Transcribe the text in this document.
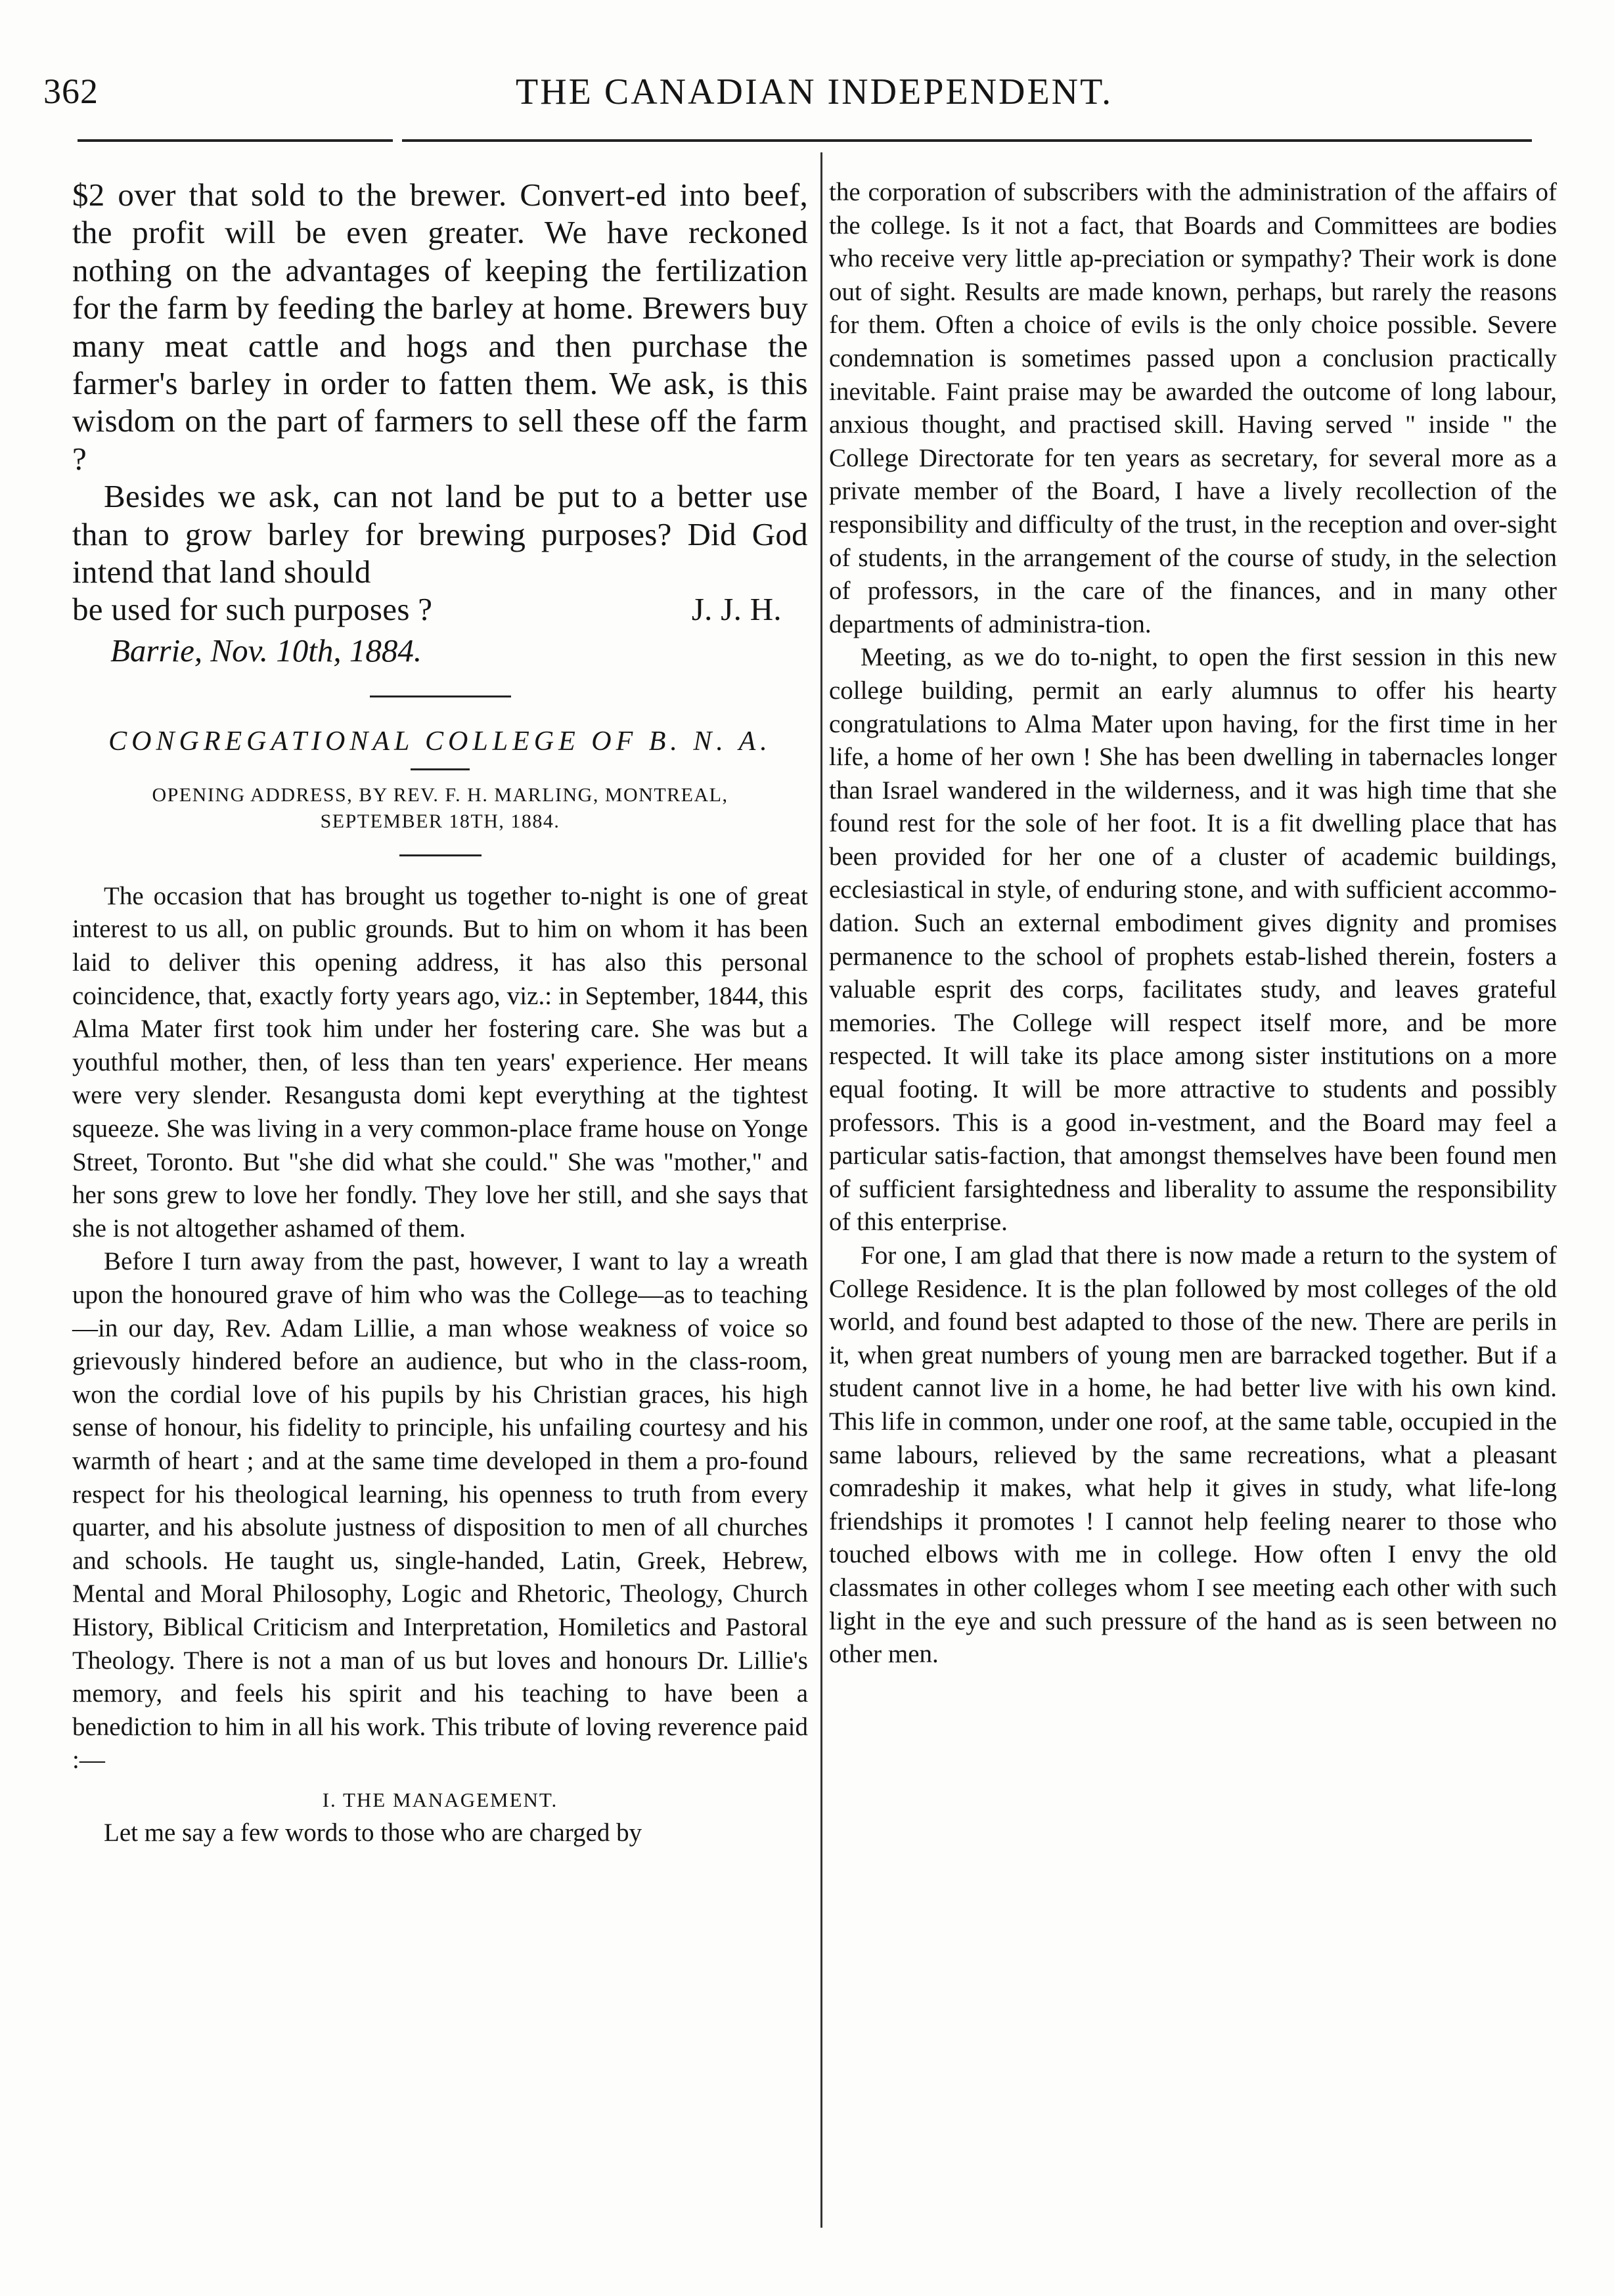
362	THE CANADIAN INDEPENDENT.

$2 over that sold to the brewer. Convert-ed into beef, the profit will be even greater. We have reckoned nothing on the advantages of keeping the fertilization for the farm by feeding the barley at home. Brewers buy many meat cattle and hogs and then purchase the farmer's barley in order to fatten them. We ask, is this wisdom on the part of farmers to sell these off the farm ?

Besides we ask, can not land be put to a better use than to grow barley for brewing purposes? Did God intend that land should

be used for such purposes ?	J. J. H.

Barrie, Nov. 10th, 1884.

CONGREGATIONAL COLLEGE OF B. N. A.

OPENING ADDRESS, BY REV. F. H. MARLING, MONTREAL,

SEPTEMBER 18TH, 1884.

The occasion that has brought us together to-night is one of great interest to us all, on public grounds. But to him on whom it has been laid to deliver this opening address, it has also this personal coincidence, that, exactly forty years ago, viz.: in September, 1844, this Alma Mater first took him under her fostering care. She was but a youthful mother, then, of less than ten years' experience. Her means were very slender. Resangusta domi kept everything at the tightest squeeze. She was living in a very common-place frame house on Yonge Street, Toronto. But "she did what she could." She was "mother," and her sons grew to love her fondly. They love her still, and she says that she is not altogether ashamed of them.

Before I turn away from the past, however, I want to lay a wreath upon the honoured grave of him who was the College—as to teaching—in our day, Rev. Adam Lillie, a man whose weakness of voice so grievously hindered before an audience, but who in the class-room, won the cordial love of his pupils by his Christian graces, his high sense of honour, his fidelity to principle, his unfailing courtesy and his warmth of heart ; and at the same time developed in them a pro-found respect for his theological learning, his openness to truth from every quarter, and his absolute justness of disposition to men of all churches and schools. He taught us, single-handed, Latin, Greek, Hebrew, Mental and Moral Philosophy, Logic and Rhetoric, Theology, Church History, Biblical Criticism and Interpretation, Homiletics and Pastoral Theology. There is not a man of us but loves and honours Dr. Lillie's memory, and feels his spirit and his teaching to have been a benediction to him in all his work. This tribute of loving reverence paid :—

I. THE MANAGEMENT.

Let me say a few words to those who are charged by

the corporation of subscribers with the administration of the affairs of the college. Is it not a fact, that Boards and Committees are bodies who receive very little ap-preciation or sympathy? Their work is done out of sight. Results are made known, perhaps, but rarely the reasons for them. Often a choice of evils is the only choice possible. Severe condemnation is sometimes passed upon a conclusion practically inevitable. Faint praise may be awarded the outcome of long labour, anxious thought, and practised skill. Having served " inside " the College Directorate for ten years as secretary, for several more as a private member of the Board, I have a lively recollection of the responsibility and difficulty of the trust, in the reception and over-sight of students, in the arrangement of the course of study, in the selection of professors, in the care of the finances, and in many other departments of administra-tion.

Meeting, as we do to-night, to open the first session in this new college building, permit an early alumnus to offer his hearty congratulations to Alma Mater upon having, for the first time in her life, a home of her own ! She has been dwelling in tabernacles longer than Israel wandered in the wilderness, and it was high time that she found rest for the sole of her foot. It is a fit dwelling place that has been provided for her one of a cluster of academic buildings, ecclesiastical in style, of enduring stone, and with sufficient accommo-dation. Such an external embodiment gives dignity and promises permanence to the school of prophets estab-lished therein, fosters a valuable esprit des corps, facilitates study, and leaves grateful memories. The College will respect itself more, and be more respected. It will take its place among sister institutions on a more equal footing. It will be more attractive to students and possibly professors. This is a good in-vestment, and the Board may feel a particular satis-faction, that amongst themselves have been found men of sufficient farsightedness and liberality to assume the responsibility of this enterprise.

For one, I am glad that there is now made a return to the system of College Residence. It is the plan followed by most colleges of the old world, and found best adapted to those of the new. There are perils in it, when great numbers of young men are barracked together. But if a student cannot live in a home, he had better live with his own kind. This life in common, under one roof, at the same table, occupied in the same labours, relieved by the same recreations, what a pleasant comradeship it makes, what help it gives in study, what life-long friendships it promotes ! I cannot help feeling nearer to those who touched elbows with me in college. How often I envy the old classmates in other colleges whom I see meeting each other with such light in the eye and such pressure of the hand as is seen between no other men.
